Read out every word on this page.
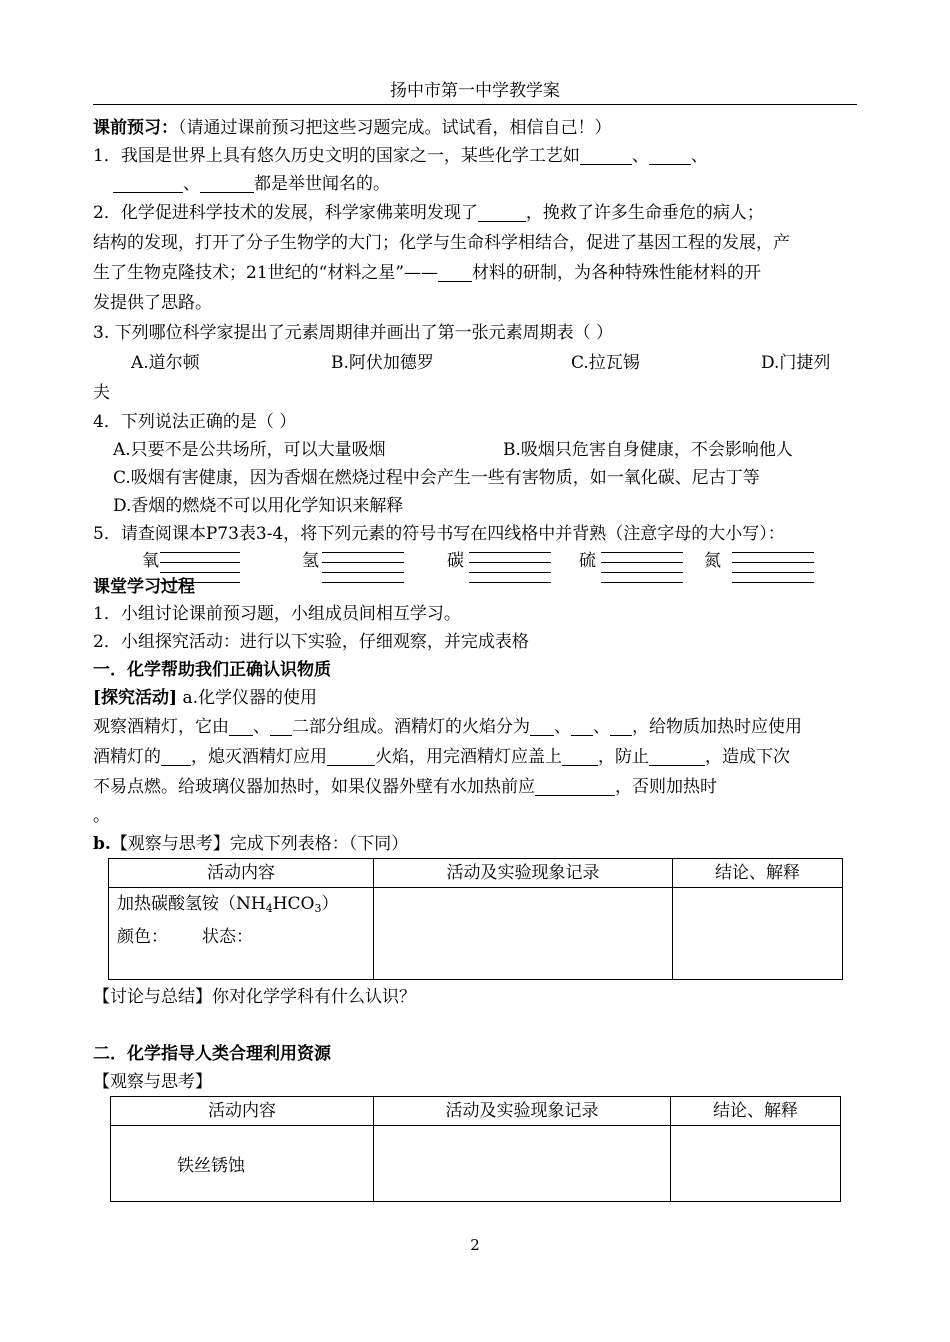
扬中市第一中学教学案
课前预习：（请通过课前预习把这些习题完成。试试看，相信自己！）
1．我国是世界上具有悠久历史文明的国家之一，某些化学工艺如	、 、
、	都是举世闻名的。
2．化学促进科学技术的发展，科学家佛莱明发现了	，挽救了许多生命垂危的病人；
结构的发现，打开了分子生物学的大门；化学与生命科学相结合，促进了基因工程的发展，产
生了生物克隆技术；21世纪的“材料之星”—— 材料的研制，为各种特殊性能材料的开
发提供了思路。
3. 下列哪位科学家提出了元素周期律并画出了第一张元素周期表（ ）
A.道尔顿	B.阿伏加德罗	C.拉瓦锡	D.门捷列
夫
4．下列说法正确的是（ ）
A.只要不是公共场所，可以大量吸烟	B.吸烟只危害自身健康，不会影响他人
C.吸烟有害健康，因为香烟在燃烧过程中会产生一些有害物质，如一氧化碳、尼古丁等
D.香烟的燃烧不可以用化学知识来解释
5．请查阅课本P73表3-4，将下列元素的符号书写在四线格中并背熟（注意字母的大小写）：
氧	氢	碳	硫	氮
课堂学习过程
1．小组讨论课前预习题，小组成员间相互学习。
2．小组探究活动：进行以下实验，仔细观察，并完成表格
一．化学帮助我们正确认识物质
[探究活动] a.化学仪器的使用
观察酒精灯，它由 、 二部分组成。酒精灯的火焰分为 、 、 ，给物质加热时应使用
酒精灯的 ，熄灭酒精灯应用	火焰，用完酒精灯应盖上 ，防止	，造成下次
不易点燃。给玻璃仪器加热时，如果仪器外壁有水加热前应	，否则加热时
。
b.【观察与思考】完成下列表格：（下同）
活动内容	活动及实验现象记录	结论、解释

加热碳酸氢铵$(NH_4HCO_3)$
颜色： 状态：		

【讨论与总结】你对化学学科有什么认识？
二．化学指导人类合理利用资源
【观察与思考】
活动内容	活动及实验现象记录	结论、解释
铁丝锈蚀		
2
